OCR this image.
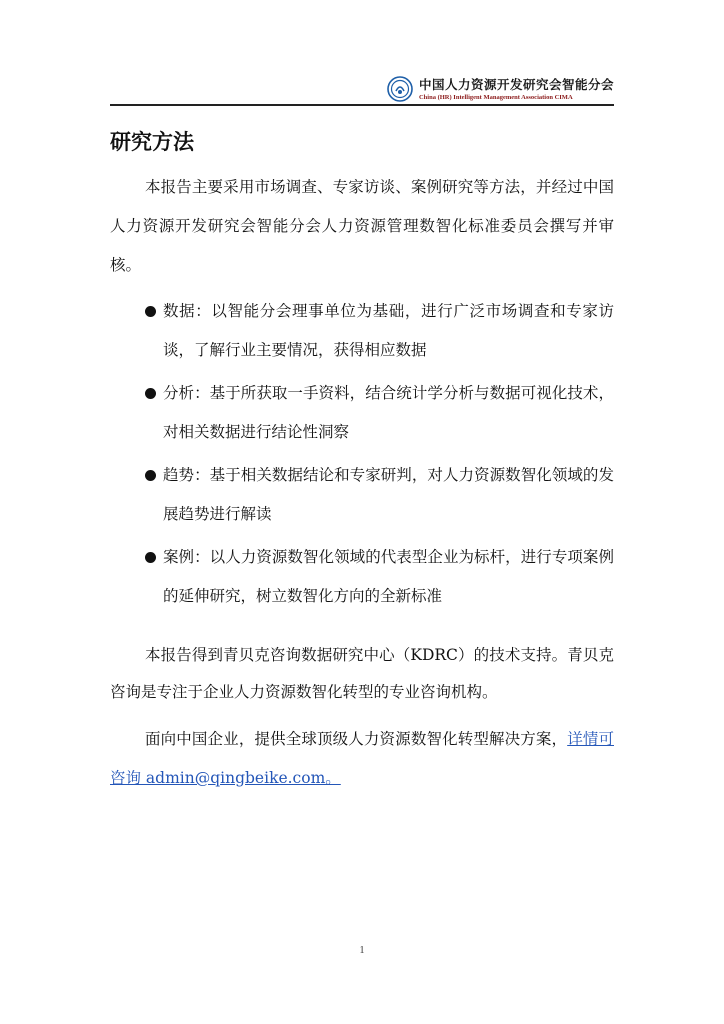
中国人力资源开发研究会智能分会
China (HR) Intelligent Management Association CIMA
研究方法

本报告主要采用市场调查、专家访谈、案例研究等方法，并经过中国人力资源开发研究会智能分会人力资源管理数智化标准委员会撰写并审核。

数据：以智能分会理事单位为基础，进行广泛市场调查和专家访谈，了解行业主要情况，获得相应数据
分析：基于所获取一手资料，结合统计学分析与数据可视化技术，对相关数据进行结论性洞察
趋势：基于相关数据结论和专家研判，对人力资源数智化领域的发展趋势进行解读
案例：以人力资源数智化领域的代表型企业为标杆，进行专项案例的延伸研究，树立数智化方向的全新标准

本报告得到青贝克咨询数据研究中心（KDRC）的技术支持。青贝克咨询是专注于企业人力资源数智化转型的专业咨询机构。

面向中国企业，提供全球顶级人力资源数智化转型解决方案，详情可咨询 admin@qingbeike.com。

1
